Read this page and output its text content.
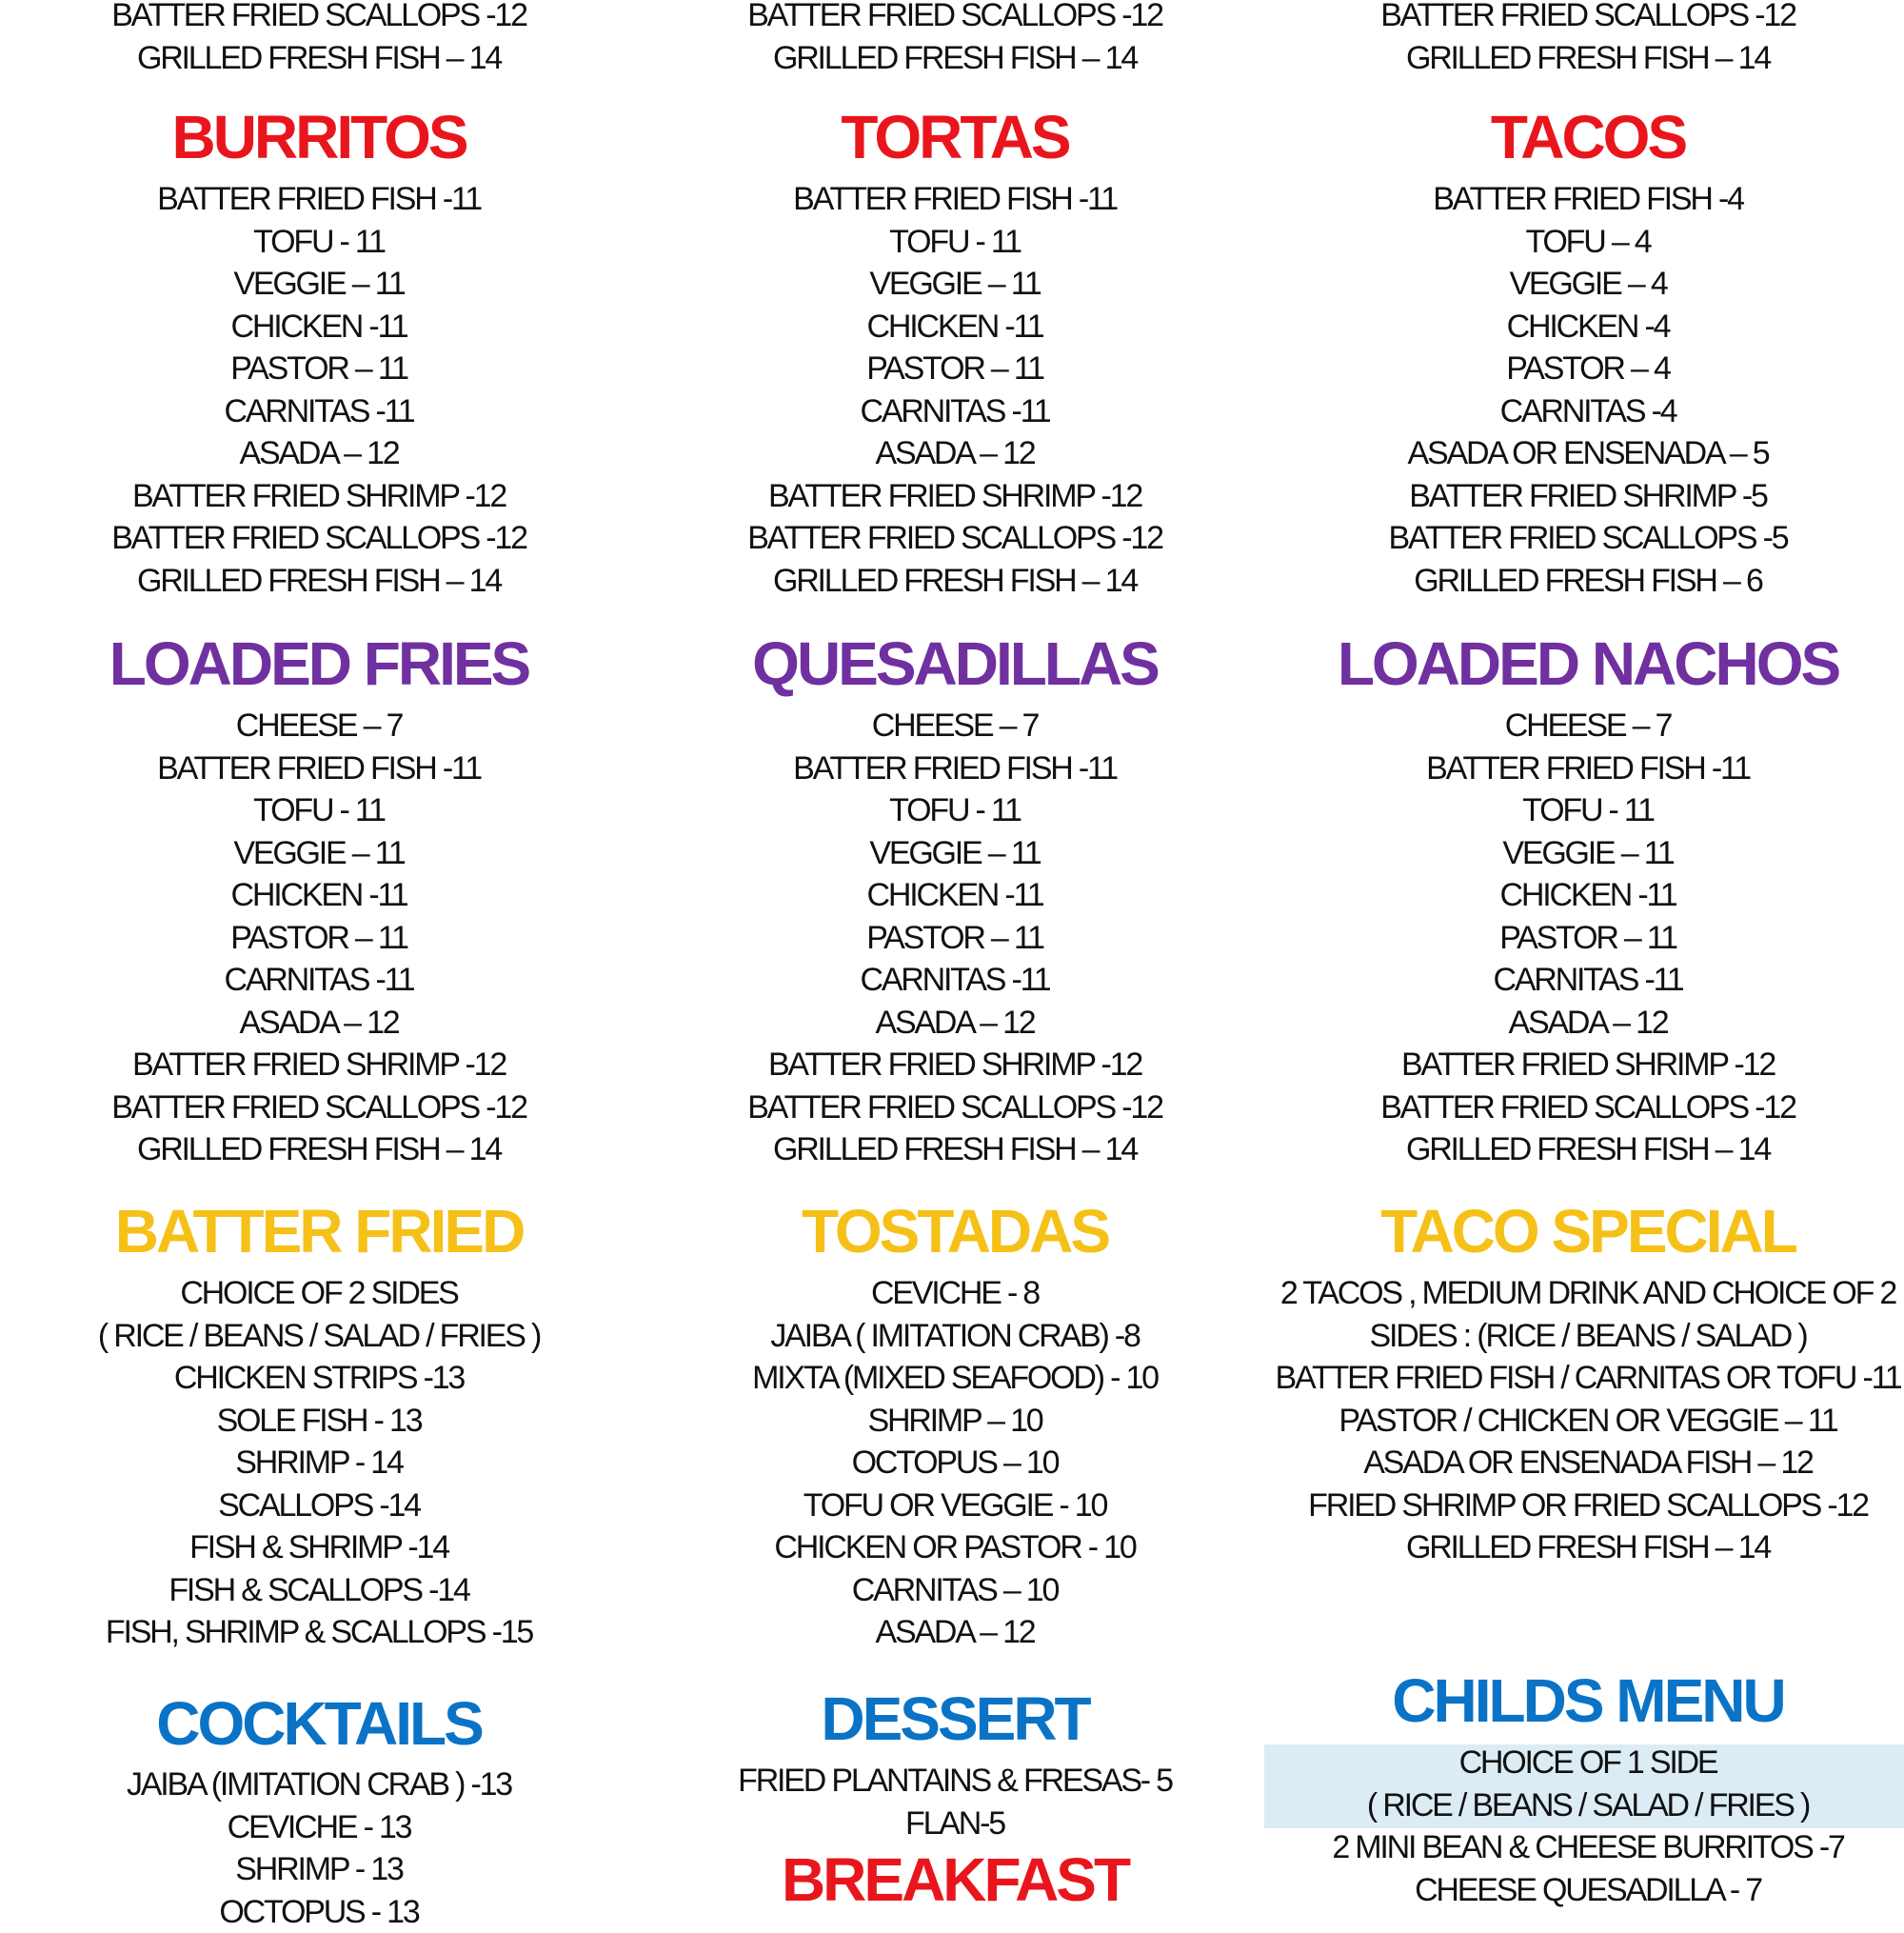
BATTER FRIED SCALLOPS -12
GRILLED FRESH FISH – 14
BURRITOS
BATTER FRIED FISH -11
TOFU - 11
VEGGIE – 11
CHICKEN -11
PASTOR – 11
CARNITAS -11
ASADA – 12
BATTER FRIED SHRIMP -12
BATTER FRIED SCALLOPS -12
GRILLED FRESH FISH – 14
LOADED FRIES
CHEESE – 7
BATTER FRIED FISH -11
TOFU - 11
VEGGIE – 11
CHICKEN -11
PASTOR – 11
CARNITAS -11
ASADA – 12
BATTER FRIED SHRIMP -12
BATTER FRIED SCALLOPS -12
GRILLED FRESH FISH – 14
BATTER FRIED
CHOICE OF 2 SIDES
( RICE / BEANS / SALAD / FRIES )
CHICKEN STRIPS -13
SOLE FISH - 13
SHRIMP - 14
SCALLOPS -14
FISH & SHRIMP -14
FISH & SCALLOPS -14
FISH, SHRIMP & SCALLOPS -15
COCKTAILS
JAIBA (IMITATION CRAB ) -13
CEVICHE - 13
SHRIMP - 13
OCTOPUS - 13
BATTER FRIED SCALLOPS -12
GRILLED FRESH FISH – 14
TORTAS
BATTER FRIED FISH -11
TOFU - 11
VEGGIE – 11
CHICKEN -11
PASTOR – 11
CARNITAS -11
ASADA – 12
BATTER FRIED SHRIMP -12
BATTER FRIED SCALLOPS -12
GRILLED FRESH FISH – 14
QUESADILLAS
CHEESE – 7
BATTER FRIED FISH -11
TOFU - 11
VEGGIE – 11
CHICKEN -11
PASTOR – 11
CARNITAS -11
ASADA – 12
BATTER FRIED SHRIMP -12
BATTER FRIED SCALLOPS -12
GRILLED FRESH FISH – 14
TOSTADAS
CEVICHE - 8
JAIBA ( IMITATION CRAB) -8
MIXTA (MIXED SEAFOOD) - 10
SHRIMP – 10
OCTOPUS – 10
TOFU OR VEGGIE - 10
CHICKEN OR PASTOR - 10
CARNITAS – 10
ASADA – 12
DESSERT
FRIED PLANTAINS & FRESAS- 5
FLAN-5
BREAKFAST
BATTER FRIED SCALLOPS -12
GRILLED FRESH FISH – 14
TACOS
BATTER FRIED FISH -4
TOFU – 4
VEGGIE – 4
CHICKEN -4
PASTOR – 4
CARNITAS -4
ASADA OR ENSENADA – 5
BATTER FRIED SHRIMP -5
BATTER FRIED SCALLOPS -5
GRILLED FRESH FISH – 6
LOADED NACHOS
CHEESE – 7
BATTER FRIED FISH -11
TOFU - 11
VEGGIE – 11
CHICKEN -11
PASTOR – 11
CARNITAS -11
ASADA – 12
BATTER FRIED SHRIMP -12
BATTER FRIED SCALLOPS -12
GRILLED FRESH FISH – 14
TACO SPECIAL
2 TACOS , MEDIUM DRINK AND CHOICE OF 2
SIDES : (RICE / BEANS / SALAD )
BATTER FRIED FISH / CARNITAS OR TOFU -11
PASTOR / CHICKEN OR VEGGIE – 11
ASADA OR ENSENADA FISH – 12
FRIED SHRIMP OR FRIED SCALLOPS -12
GRILLED FRESH FISH – 14
CHILDS MENU
CHOICE OF 1 SIDE
( RICE / BEANS / SALAD / FRIES )
2 MINI BEAN & CHEESE BURRITOS -7
CHEESE QUESADILLA - 7
